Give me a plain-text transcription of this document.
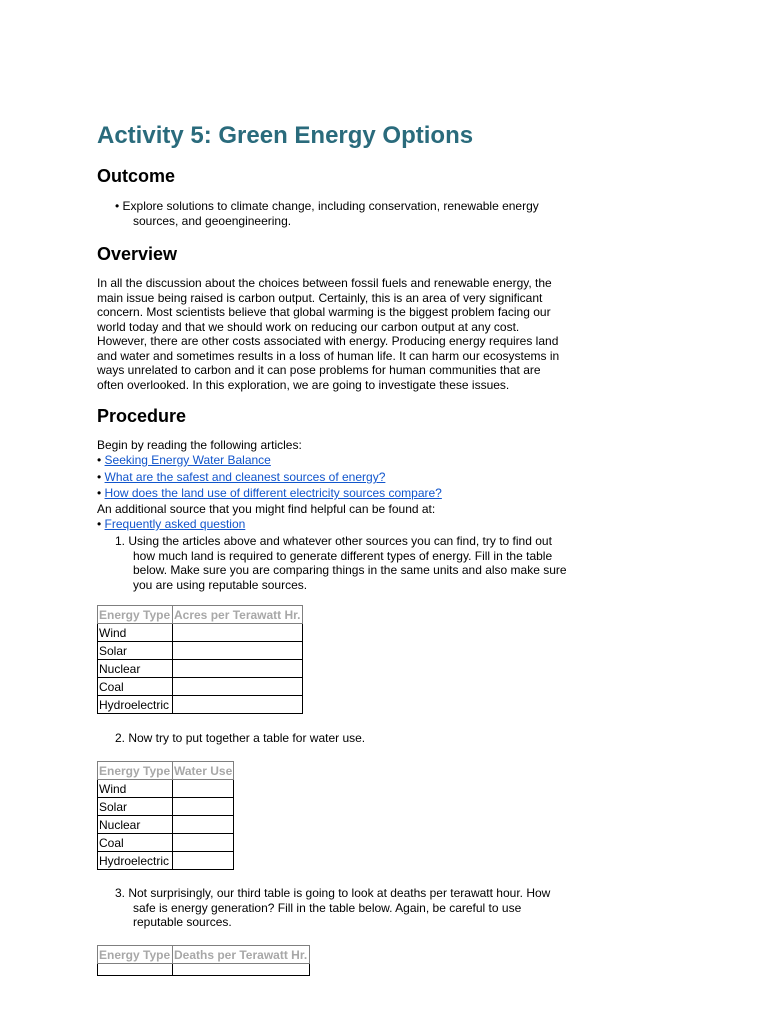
Activity 5: Green Energy Options
Outcome

• Explore solutions to climate change, including conservation, renewable energy sources, and geoengineering.

Overview

In all the discussion about the choices between fossil fuels and renewable energy, the main issue being raised is carbon output. Certainly, this is an area of very significant concern. Most scientists believe that global warming is the biggest problem facing our world today and that we should work on reducing our carbon output at any cost. However, there are other costs associated with energy. Producing energy requires land and water and sometimes results in a loss of human life. It can harm our ecosystems in ways unrelated to carbon and it can pose problems for human communities that are often overlooked. In this exploration, we are going to investigate these issues.

Procedure

Begin by reading the following articles:

• Seeking Energy Water Balance

• What are the safest and cleanest sources of energy?

• How does the land use of different electricity sources compare?

An additional source that you might find helpful can be found at:

• Frequently asked question

1. Using the articles above and whatever other sources you can find, try to find out how much land is required to generate different types of energy. Fill in the table below. Make sure you are comparing things in the same units and also make sure you are using reputable sources.

Energy Type	Acres per Terawatt Hr.
Wind	
Solar	
Nuclear	
Coal	
Hydroelectric	

2. Now try to put together a table for water use.

Energy Type	Water Use
Wind	
Solar	
Nuclear	
Coal	
Hydroelectric	

3. Not surprisingly, our third table is going to look at deaths per terawatt hour. How safe is energy generation? Fill in the table below. Again, be careful to use reputable sources.

Energy Type	Deaths per Terawatt Hr.
